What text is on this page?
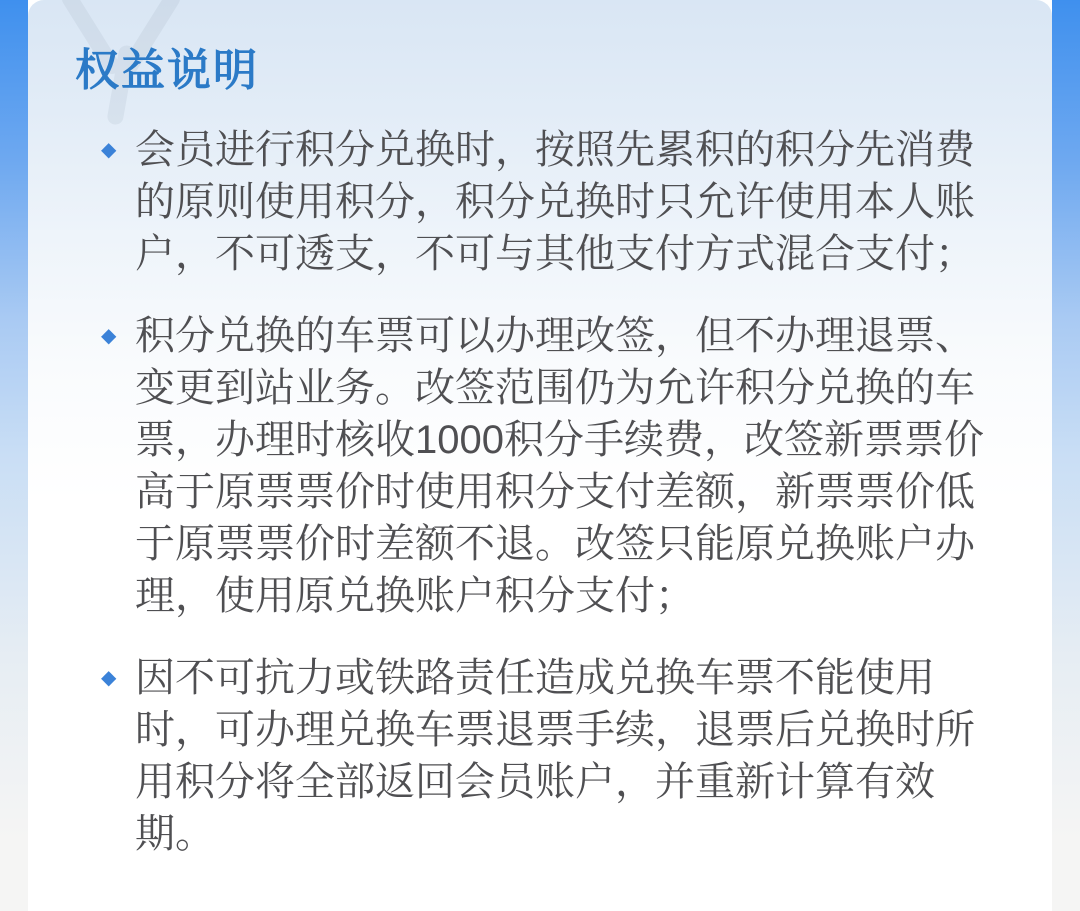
权益说明
◆ 会员进行积分兑换时，按照先累积的积分先消费的原则使用积分，积分兑换时只允许使用本人账户，不可透支，不可与其他支付方式混合支付；
◆ 积分兑换的车票可以办理改签，但不办理退票、变更到站业务。改签范围仍为允许积分兑换的车票，办理时核收1000积分手续费，改签新票票价高于原票票价时使用积分支付差额，新票票价低于原票票价时差额不退。改签只能原兑换账户办理，使用原兑换账户积分支付；
◆ 因不可抗力或铁路责任造成兑换车票不能使用时，可办理兑换车票退票手续，退票后兑换时所用积分将全部返回会员账户，并重新计算有效期。
